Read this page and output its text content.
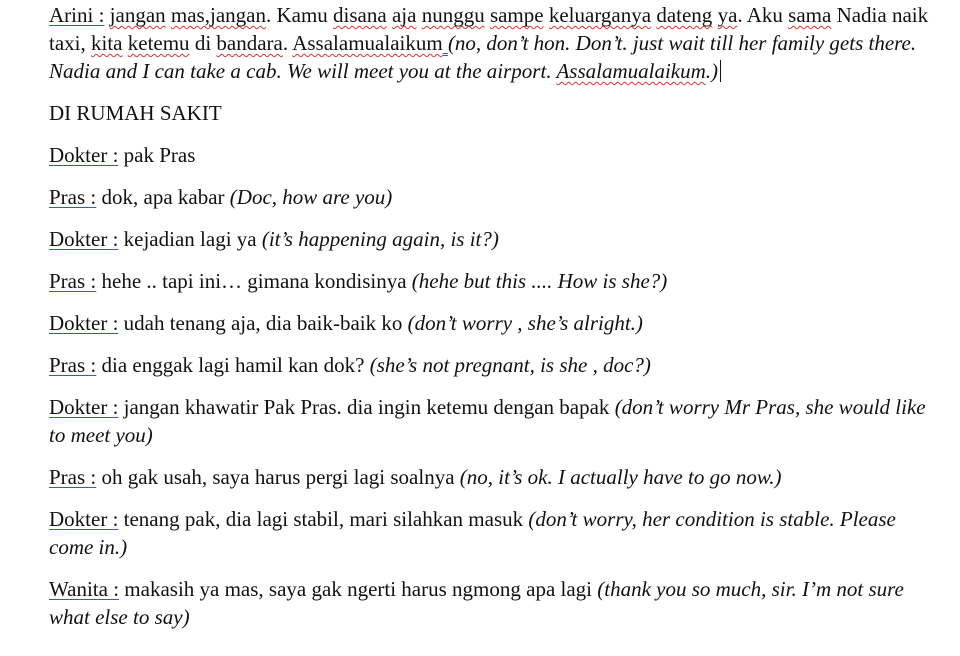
Arini : jangan mas,jangan. Kamu disana aja nunggu sampe keluarganya dateng ya. Aku sama Nadia naik taxi, kita ketemu di bandara. Assalamualaikum (no, don’t hon. Don’t. just wait till her family gets there. Nadia and I can take a cab. We will meet you at the airport. Assalamualaikum.)

DI RUMAH SAKIT

Dokter : pak Pras

Pras : dok, apa kabar (Doc, how are you)

Dokter : kejadian lagi ya (it’s happening again, is it?)

Pras : hehe .. tapi ini… gimana kondisinya (hehe but this .... How is she?)

Dokter : udah tenang aja, dia baik-baik ko (don’t worry , she’s alright.)

Pras : dia enggak lagi hamil kan dok? (she’s not pregnant, is she , doc?)

Dokter : jangan khawatir Pak Pras. dia ingin ketemu dengan bapak (don’t worry Mr Pras, she would like to meet you)

Pras : oh gak usah, saya harus pergi lagi soalnya (no, it’s ok. I actually have to go now.)

Dokter : tenang pak, dia lagi stabil, mari silahkan masuk (don’t worry, her condition is stable. Please come in.)

Wanita : makasih ya mas, saya gak ngerti harus ngmong apa lagi (thank you so much, sir. I’m not sure what else to say)
